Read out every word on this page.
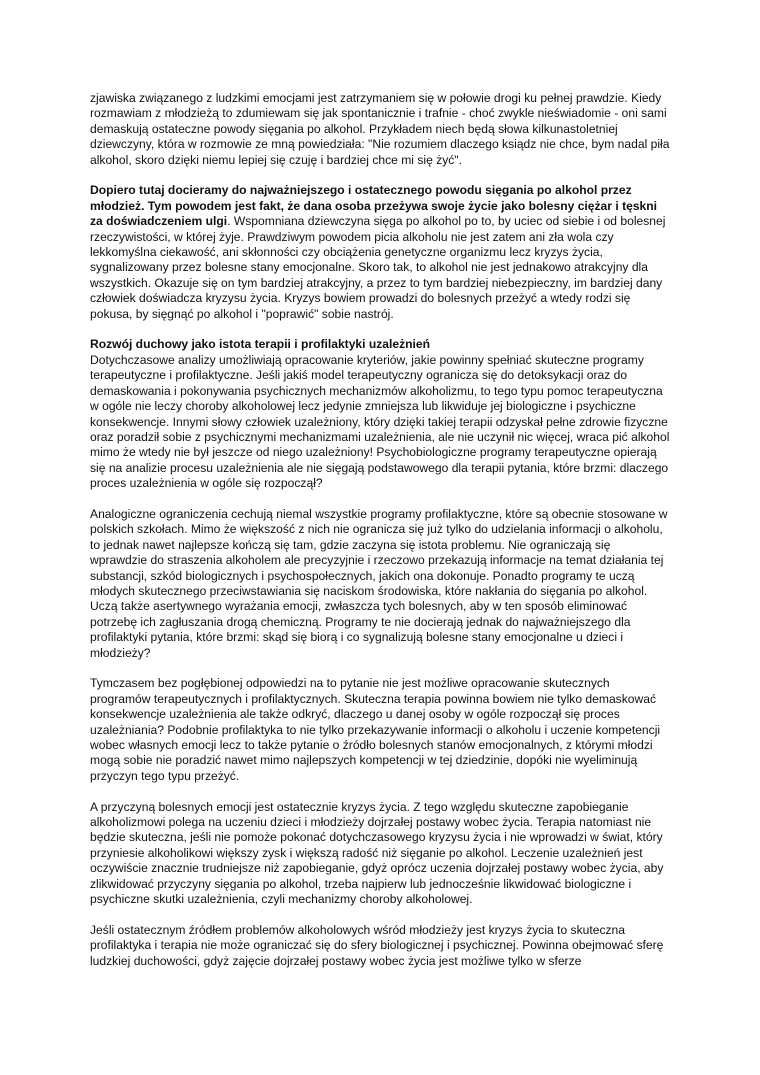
zjawiska związanego z ludzkimi emocjami jest zatrzymaniem się w połowie drogi ku pełnej prawdzie. Kiedy rozmawiam z młodzieżą to zdumiewam się jak spontanicznie i trafnie - choć zwykle nieświadomie - oni sami demaskują ostateczne powody sięgania po alkohol. Przykładem niech będą słowa kilkunastoletniej dziewczyny, która w rozmowie ze mną powiedziała: "Nie rozumiem dlaczego ksiądz nie chce, bym nadal piła alkohol, skoro dzięki niemu lepiej się czuję i bardziej chce mi się żyć".

Dopiero tutaj docieramy do najważniejszego i ostatecznego powodu sięgania po alkohol przez młodzież. Tym powodem jest fakt, że dana osoba przeżywa swoje życie jako bolesny ciężar i tęskni za doświadczeniem ulgi. Wspomniana dziewczyna sięga po alkohol po to, by uciec od siebie i od bolesnej rzeczywistości, w której żyje. Prawdziwym powodem picia alkoholu nie jest zatem ani zła wola czy lekkomyślna ciekawość, ani skłonności czy obciążenia genetyczne organizmu lecz kryzys życia, sygnalizowany przez bolesne stany emocjonalne. Skoro tak, to alkohol nie jest jednakowo atrakcyjny dla wszystkich. Okazuje się on tym bardziej atrakcyjny, a przez to tym bardziej niebezpieczny, im bardziej dany człowiek doświadcza kryzysu życia. Kryzys bowiem prowadzi do bolesnych przeżyć a wtedy rodzi się pokusa, by sięgnąć po alkohol i "poprawić" sobie nastrój.

Rozwój duchowy jako istota terapii i profilaktyki uzależnień
Dotychczasowe analizy umożliwiają opracowanie kryteriów, jakie powinny spełniać skuteczne programy terapeutyczne i profilaktyczne. Jeśli jakiś model terapeutyczny ogranicza się do detoksykacji oraz do demaskowania i pokonywania psychicznych mechanizmów alkoholizmu, to tego typu pomoc terapeutyczna w ogóle nie leczy choroby alkoholowej lecz jedynie zmniejsza lub likwiduje jej biologiczne i psychiczne konsekwencje. Innymi słowy człowiek uzależniony, który dzięki takiej terapii odzyskał pełne zdrowie fizyczne oraz poradził sobie z psychicznymi mechanizmami uzależnienia, ale nie uczynił nic więcej, wraca pić alkohol mimo że wtedy nie był jeszcze od niego uzależniony! Psychobiologiczne programy terapeutyczne opierają się na analizie procesu uzależnienia ale nie sięgają podstawowego dla terapii pytania, które brzmi: dlaczego proces uzależnienia w ogóle się rozpoczął?

Analogiczne ograniczenia cechują niemal wszystkie programy profilaktyczne, które są obecnie stosowane w polskich szkołach. Mimo że większość z nich nie ogranicza się już tylko do udzielania informacji o alkoholu, to jednak nawet najlepsze kończą się tam, gdzie zaczyna się istota problemu. Nie ograniczają się wprawdzie do straszenia alkoholem ale precyzyjnie i rzeczowo przekazują informacje na temat działania tej substancji, szkód biologicznych i psychospołecznych, jakich ona dokonuje. Ponadto programy te uczą młodych skutecznego przeciwstawiania się naciskom środowiska, które nakłania do sięgania po alkohol. Uczą także asertywnego wyrażania emocji, zwłaszcza tych bolesnych, aby w ten sposób eliminować potrzebę ich zagłuszania drogą chemiczną. Programy te nie docierają jednak do najważniejszego dla profilaktyki pytania, które brzmi: skąd się biorą i co sygnalizują bolesne stany emocjonalne u dzieci i młodzieży?

Tymczasem bez pogłębionej odpowiedzi na to pytanie nie jest możliwe opracowanie skutecznych programów terapeutycznych i profilaktycznych. Skuteczna terapia powinna bowiem nie tylko demaskować konsekwencje uzależnienia ale także odkryć, dlaczego u danej osoby w ogóle rozpoczął się proces uzależniania? Podobnie profilaktyka to nie tylko przekazywanie informacji o alkoholu i uczenie kompetencji wobec własnych emocji lecz to także pytanie o źródło bolesnych stanów emocjonalnych, z którymi młodzi mogą sobie nie poradzić nawet mimo najlepszych kompetencji w tej dziedzinie, dopóki nie wyeliminują przyczyn tego typu przeżyć.

A przyczyną bolesnych emocji jest ostatecznie kryzys życia. Z tego względu skuteczne zapobieganie alkoholizmowi polega na uczeniu dzieci i młodzieży dojrzałej postawy wobec życia. Terapia natomiast nie będzie skuteczna, jeśli nie pomoże pokonać dotychczasowego kryzysu życia i nie wprowadzi w świat, który przyniesie alkoholikowi większy zysk i większą radość niż sięganie po alkohol. Leczenie uzależnień jest oczywiście znacznie trudniejsze niż zapobieganie, gdyż oprócz uczenia dojrzałej postawy wobec życia, aby zlikwidować przyczyny sięgania po alkohol, trzeba najpierw lub jednocześnie likwidować biologiczne i psychiczne skutki uzależnienia, czyli mechanizmy choroby alkoholowej.

Jeśli ostatecznym źródłem problemów alkoholowych wśród młodzieży jest kryzys życia to skuteczna profilaktyka i terapia nie może ograniczać się do sfery biologicznej i psychicznej. Powinna obejmować sferę ludzkiej duchowości, gdyż zajęcie dojrzałej postawy wobec życia jest możliwe tylko w sferze
